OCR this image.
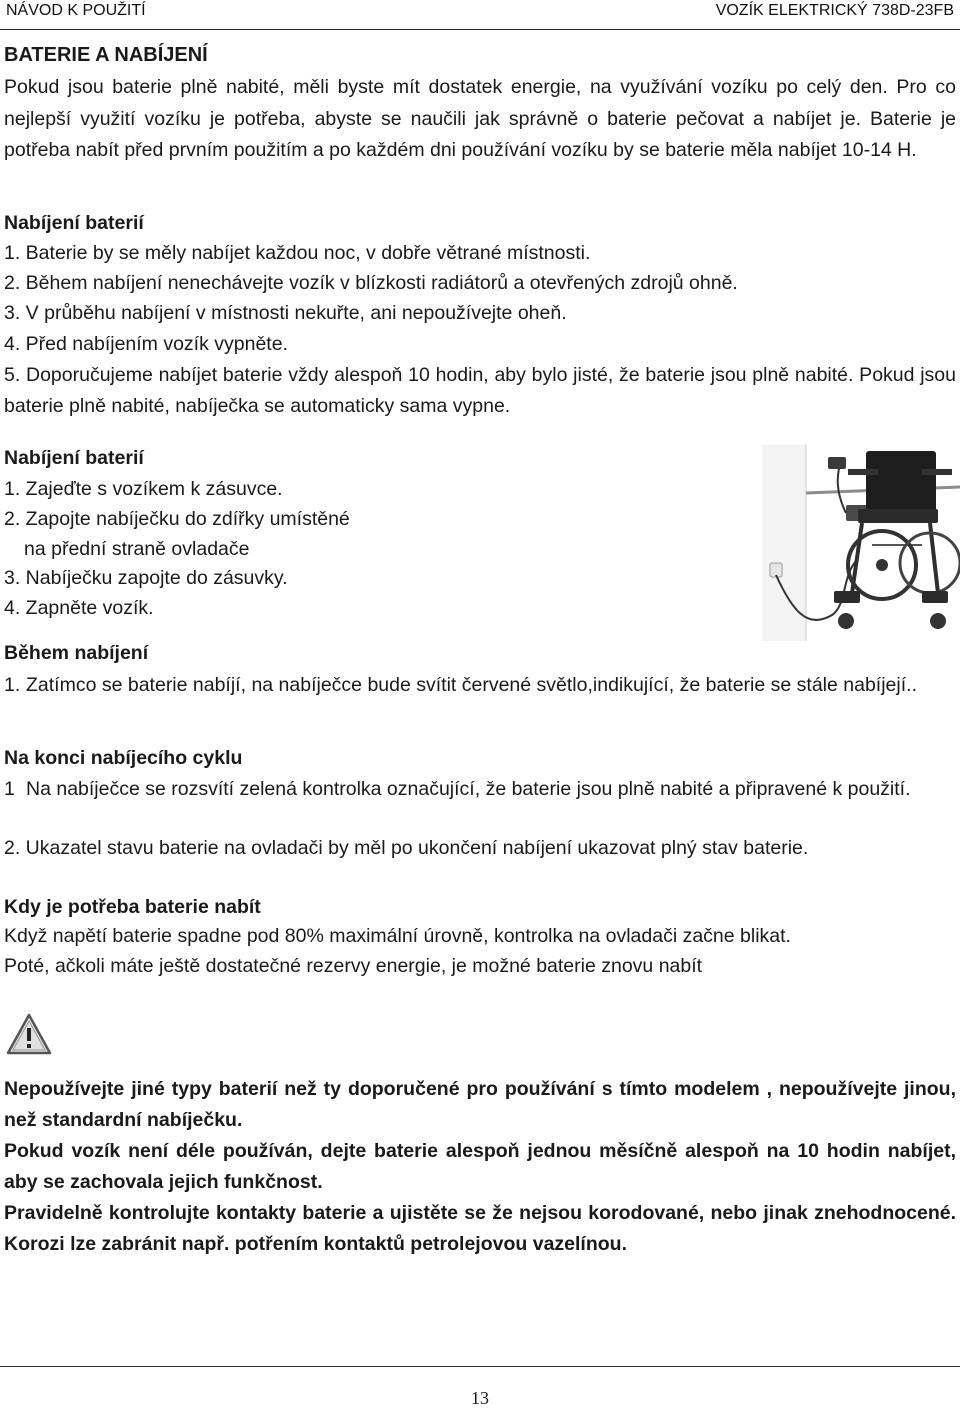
NÁVOD K POUŽITÍ	VOZÍK ELEKTRICKÝ 738D-23FB
BATERIE A NABÍJENÍ
Pokud jsou baterie plně nabité, měli byste mít dostatek energie, na využívání vozíku po celý den. Pro co nejlepší využití vozíku je potřeba, abyste se naučili jak správně o baterie pečovat a nabíjet je. Baterie je potřeba nabít před prvním použitím a po každém dni používání vozíku by se baterie měla nabíjet 10-14 H.
Nabíjení baterií
1. Baterie by se měly nabíjet každou noc, v dobře větrané místnosti.
2. Během nabíjení nenechávejte vozík v blízkosti radiátorů a otevřených zdrojů ohně.
3. V průběhu nabíjení v místnosti nekuřte, ani nepoužívejte oheň.
4. Před nabíjením vozík vypněte.
5. Doporučujeme nabíjet baterie vždy alespoň 10 hodin, aby bylo jisté, že baterie jsou plně nabité. Pokud jsou baterie plně nabité, nabíječka se automaticky sama vypne.
Nabíjení baterií
1. Zajeďte s vozíkem k zásuvce.
2. Zapojte nabíječku do zdířky umístěné
na přední straně ovladače
3. Nabíječku zapojte do zásuvky.
4. Zapněte vozík.
Během nabíjení
1. Zatímco se baterie nabíjí, na nabíječce bude svítit červené světlo,indikující, že baterie se stále nabíjejí..
Na konci nabíjecího cyklu
1 Na nabíječce se rozsvítí zelená kontrolka označující, že baterie jsou plně nabité a připravené k použití.
2. Ukazatel stavu baterie na ovladači by měl po ukončení nabíjení ukazovat plný stav baterie.
Kdy je potřeba baterie nabít
Když napětí baterie spadne pod 80% maximální úrovně, kontrolka na ovladači začne blikat.
Poté, ačkoli máte ještě dostatečné rezervy energie, je možné baterie znovu nabít
Nepoužívejte jiné typy baterií než ty doporučené pro používání s tímto modelem , nepoužívejte jinou, než standardní nabíječku.
Pokud vozík není déle používán, dejte baterie alespoň jednou měsíčně alespoň na 10 hodin nabíjet, aby se zachovala jejich funkčnost.
Pravidelně kontrolujte kontakty baterie a ujistěte se že nejsou korodované, nebo jinak znehodnocené. Korozi lze zabránit např. potřením kontaktů petrolejovou vazelínou.
13
